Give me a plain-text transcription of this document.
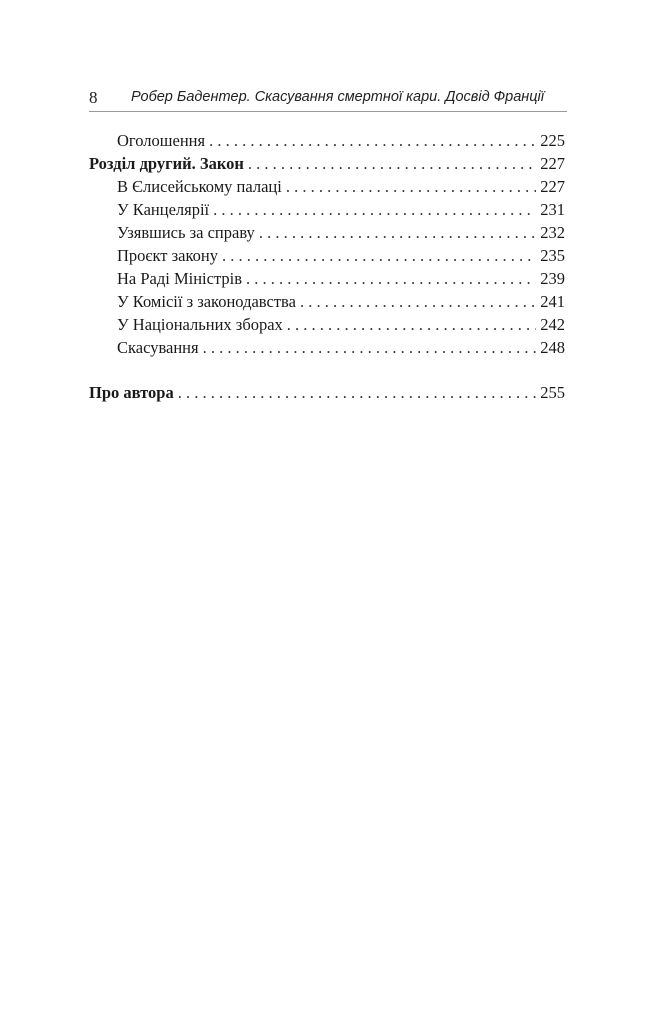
8 Робер Бадентер. Скасування смертної кари. Досвід Франції
Оголошення . . .	225
Розділ другий. Закон . . .	227
В Єлисейському палаці . . .	227
У Канцелярії . . .	231
Узявшись за справу . . .	232
Проєкт закону . . .	235
На Раді Міністрів . . .	239
У Комісії з законодавства . . .	241
У Національних зборах . . .	242
Скасування . . .	248
Про автора . . .	255
